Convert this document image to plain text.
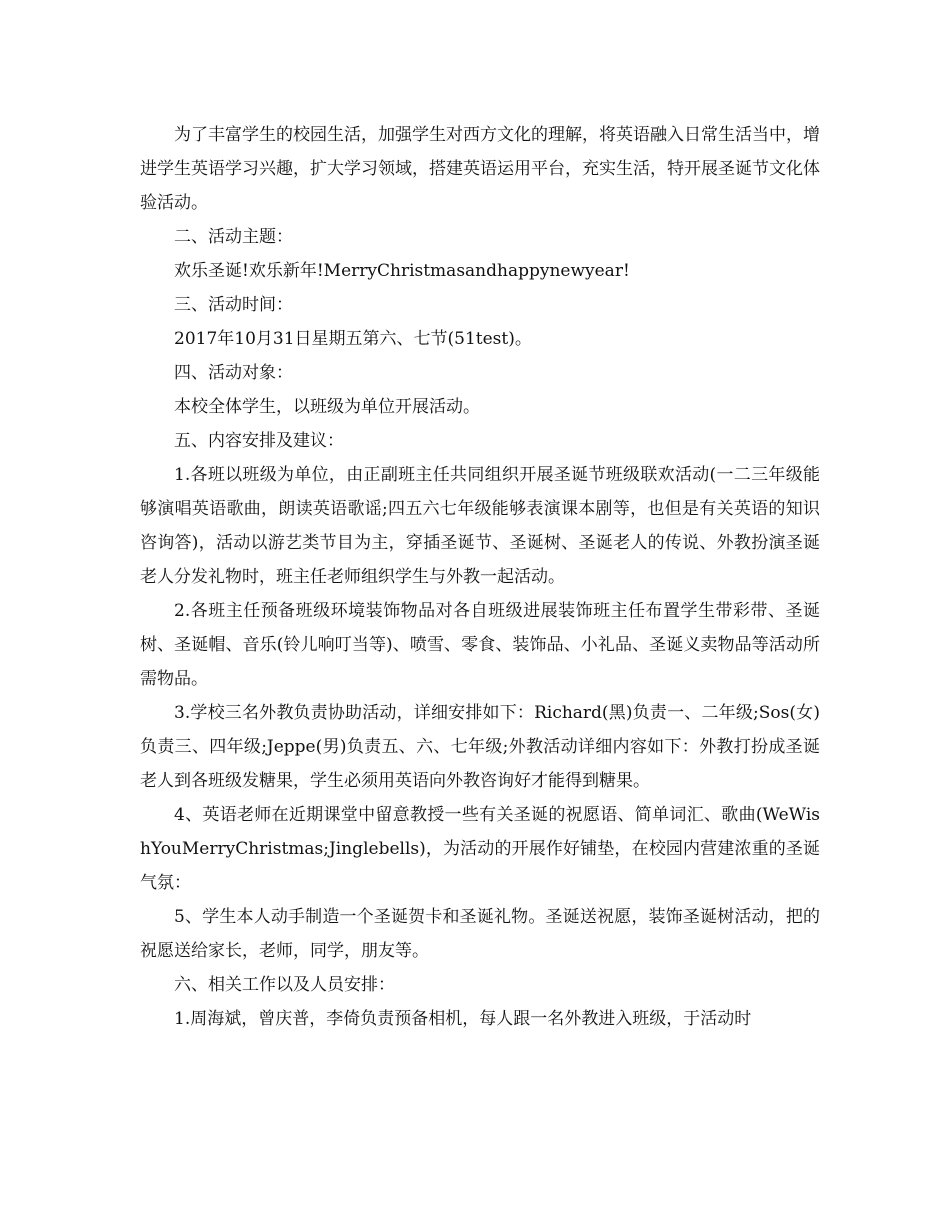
为了丰富学生的校园生活，加强学生对西方文化的理解，将英语融入日常生活当中，增进学生英语学习兴趣，扩大学习领域，搭建英语运用平台，充实生活，特开展圣诞节文化体验活动。

二、活动主题：

欢乐圣诞!欢乐新年!MerryChristmasandhappynewyear!

三、活动时间：

2017年10月31日星期五第六、七节(51test)。

四、活动对象：

本校全体学生，以班级为单位开展活动。

五、内容安排及建议：

1.各班以班级为单位，由正副班主任共同组织开展圣诞节班级联欢活动(一二三年级能够演唱英语歌曲，朗读英语歌谣;四五六七年级能够表演课本剧等，也但是有关英语的知识咨询答)，活动以游艺类节目为主，穿插圣诞节、圣诞树、圣诞老人的传说、外教扮演圣诞老人分发礼物时，班主任老师组织学生与外教一起活动。

2.各班主任预备班级环境装饰物品对各自班级进展装饰班主任布置学生带彩带、圣诞树、圣诞帽、音乐(铃儿响叮当等)、喷雪、零食、装饰品、小礼品、圣诞义卖物品等活动所需物品。

3.学校三名外教负责协助活动，详细安排如下：Richard(黑)负责一、二年级;Sos(女)负责三、四年级;Jeppe(男)负责五、六、七年级;外教活动详细内容如下：外教打扮成圣诞老人到各班级发糖果，学生必须用英语向外教咨询好才能得到糖果。

4、英语老师在近期课堂中留意教授一些有关圣诞的祝愿语、简单词汇、歌曲(WeWishYouMerryChristmas;Jinglebells)，为活动的开展作好铺垫，在校园内营建浓重的圣诞气氛：

5、学生本人动手制造一个圣诞贺卡和圣诞礼物。圣诞送祝愿，装饰圣诞树活动，把的祝愿送给家长，老师，同学，朋友等。

六、相关工作以及人员安排：

1.周海斌，曾庆普，李倚负责预备相机，每人跟一名外教进入班级，于活动时
